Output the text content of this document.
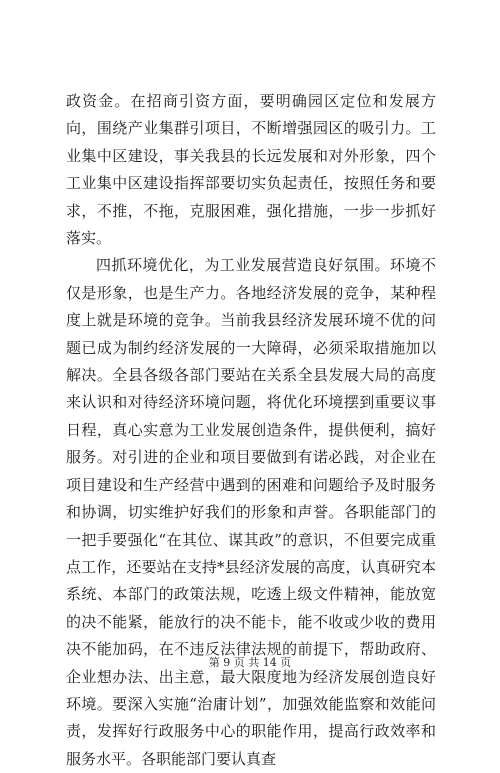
政资金。在招商引资方面，要明确园区定位和发展方向，围绕产业集群引项目，不断增强园区的吸引力。工业集中区建设，事关我县的长远发展和对外形象，四个工业集中区建设指挥部要切实负起责任，按照任务和要求，不推，不拖，克服困难，强化措施，一步一步抓好落实。

四抓环境优化，为工业发展营造良好氛围。环境不仅是形象，也是生产力。各地经济发展的竞争，某种程度上就是环境的竞争。当前我县经济发展环境不优的问题已成为制约经济发展的一大障碍，必须采取措施加以解决。全县各级各部门要站在关系全县发展大局的高度来认识和对待经济环境问题，将优化环境摆到重要议事日程，真心实意为工业发展创造条件，提供便利，搞好服务。对引进的企业和项目要做到有诺必践，对企业在项目建设和生产经营中遇到的困难和问题给予及时服务和协调，切实维护好我们的形象和声誉。各职能部门的一把手要强化“在其位、谋其政”的意识，不但要完成重点工作，还要站在支持*县经济发展的高度，认真研究本系统、本部门的政策法规，吃透上级文件精神，能放宽的决不能紧，能放行的决不能卡，能不收或少收的费用决不能加码，在不违反法律法规的前提下，帮助政府、企业想办法、出主意，最大限度地为经济发展创造良好环境。要深入实施“治庸计划”，加强效能监察和效能问责，发挥好行政服务中心的职能作用，提高行政效率和服务水平。各职能部门要认真查

第 9 页 共 14 页
